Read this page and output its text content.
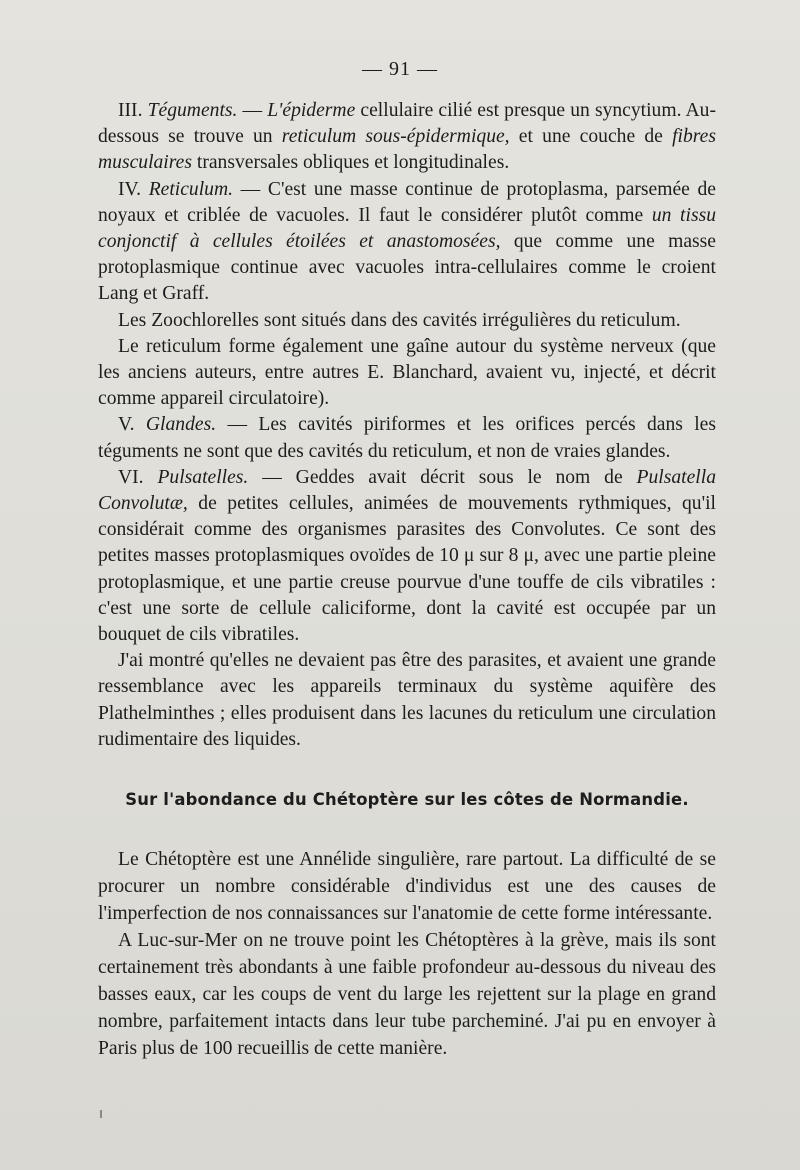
— 91 —

III. Téguments. — L'épiderme cellulaire cilié est presque un syncytium. Au-dessous se trouve un reticulum sous-épidermique, et une couche de fibres musculaires transversales obliques et longitudinales.

IV. Reticulum. — C'est une masse continue de protoplasma, parsemée de noyaux et criblée de vacuoles. Il faut le considérer plutôt comme un tissu conjonctif à cellules étoilées et anastomosées, que comme une masse protoplasmique continue avec vacuoles intra-cellulaires comme le croient Lang et Graff.

Les Zoochlorelles sont situés dans des cavités irrégulières du reticulum.

Le reticulum forme également une gaîne autour du système nerveux (que les anciens auteurs, entre autres E. Blanchard, avaient vu, injecté, et décrit comme appareil circulatoire).

V. Glandes. — Les cavités piriformes et les orifices percés dans les téguments ne sont que des cavités du reticulum, et non de vraies glandes.

VI. Pulsatelles. — Geddes avait décrit sous le nom de Pulsatella Convolutæ, de petites cellules, animées de mouvements rythmiques, qu'il considérait comme des organismes parasites des Convolutes. Ce sont des petites masses protoplasmiques ovoïdes de 10 μ sur 8 μ, avec une partie pleine protoplasmique, et une partie creuse pourvue d'une touffe de cils vibratiles : c'est une sorte de cellule caliciforme, dont la cavité est occupée par un bouquet de cils vibratiles.

J'ai montré qu'elles ne devaient pas être des parasites, et avaient une grande ressemblance avec les appareils terminaux du système aquifère des Plathelminthes ; elles produisent dans les lacunes du reticulum une circulation rudimentaire des liquides.

Sur l'abondance du Chétoptère sur les côtes de Normandie.

Le Chétoptère est une Annélide singulière, rare partout. La difficulté de se procurer un nombre considérable d'individus est une des causes de l'imperfection de nos connaissances sur l'anatomie de cette forme intéressante.

A Luc-sur-Mer on ne trouve point les Chétoptères à la grève, mais ils sont certainement très abondants à une faible profondeur au-dessous du niveau des basses eaux, car les coups de vent du large les rejettent sur la plage en grand nombre, parfaitement intacts dans leur tube parcheminé. J'ai pu en envoyer à Paris plus de 100 recueillis de cette manière.
